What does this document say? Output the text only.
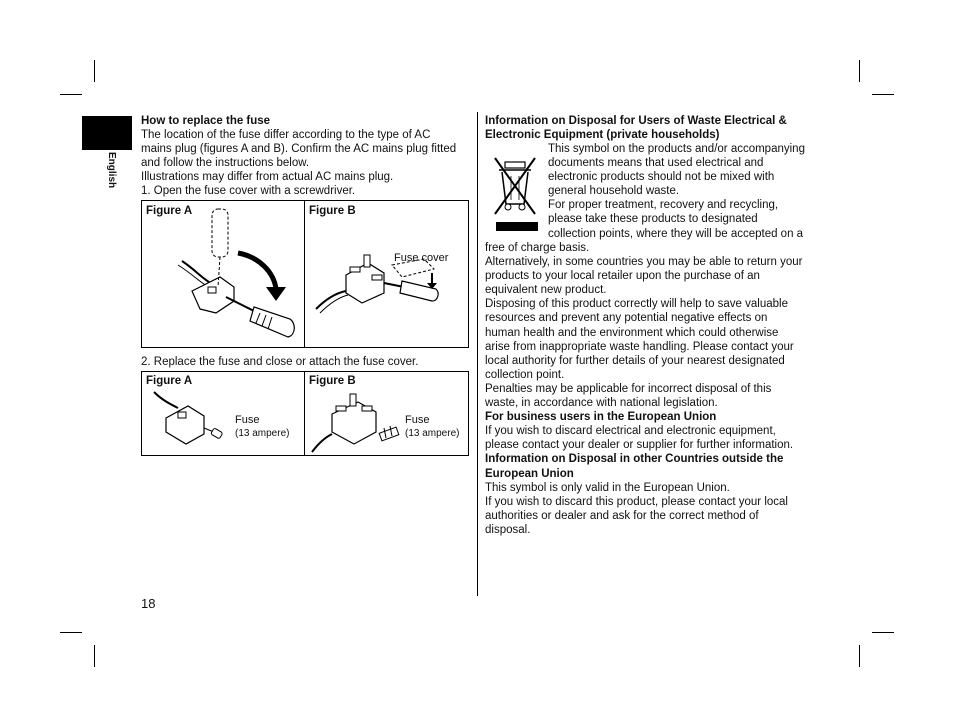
English
How to replace the fuse
The location of the fuse differ according to the type of AC
mains plug (figures A and B). Confirm the AC mains plug fitted
and follow the instructions below.
Illustrations may differ from actual AC mains plug.
1. Open the fuse cover with a screwdriver.
Figure A	Figure B
Fuse cover
2. Replace the fuse and close or attach the fuse cover.
Figure A	Figure B
Fuse
(13 ampere)
Fuse
(13 ampere)
18
Information on Disposal for Users of Waste Electrical &
Electronic Equipment (private households)
This symbol on the products and/or accompanying
documents means that used electrical and
electronic products should not be mixed with
general household waste.
For proper treatment, recovery and recycling,
please take these products to designated
collection points, where they will be accepted on a
free of charge basis.
Alternatively, in some countries you may be able to return your
products to your local retailer upon the purchase of an
equivalent new product.
Disposing of this product correctly will help to save valuable
resources and prevent any potential negative effects on
human health and the environment which could otherwise
arise from inappropriate waste handling. Please contact your
local authority for further details of your nearest designated
collection point.
Penalties may be applicable for incorrect disposal of this
waste, in accordance with national legislation.
For business users in the European Union
If you wish to discard electrical and electronic equipment,
please contact your dealer or supplier for further information.
Information on Disposal in other Countries outside the
European Union
This symbol is only valid in the European Union.
If you wish to discard this product, please contact your local
authorities or dealer and ask for the correct method of
disposal.
